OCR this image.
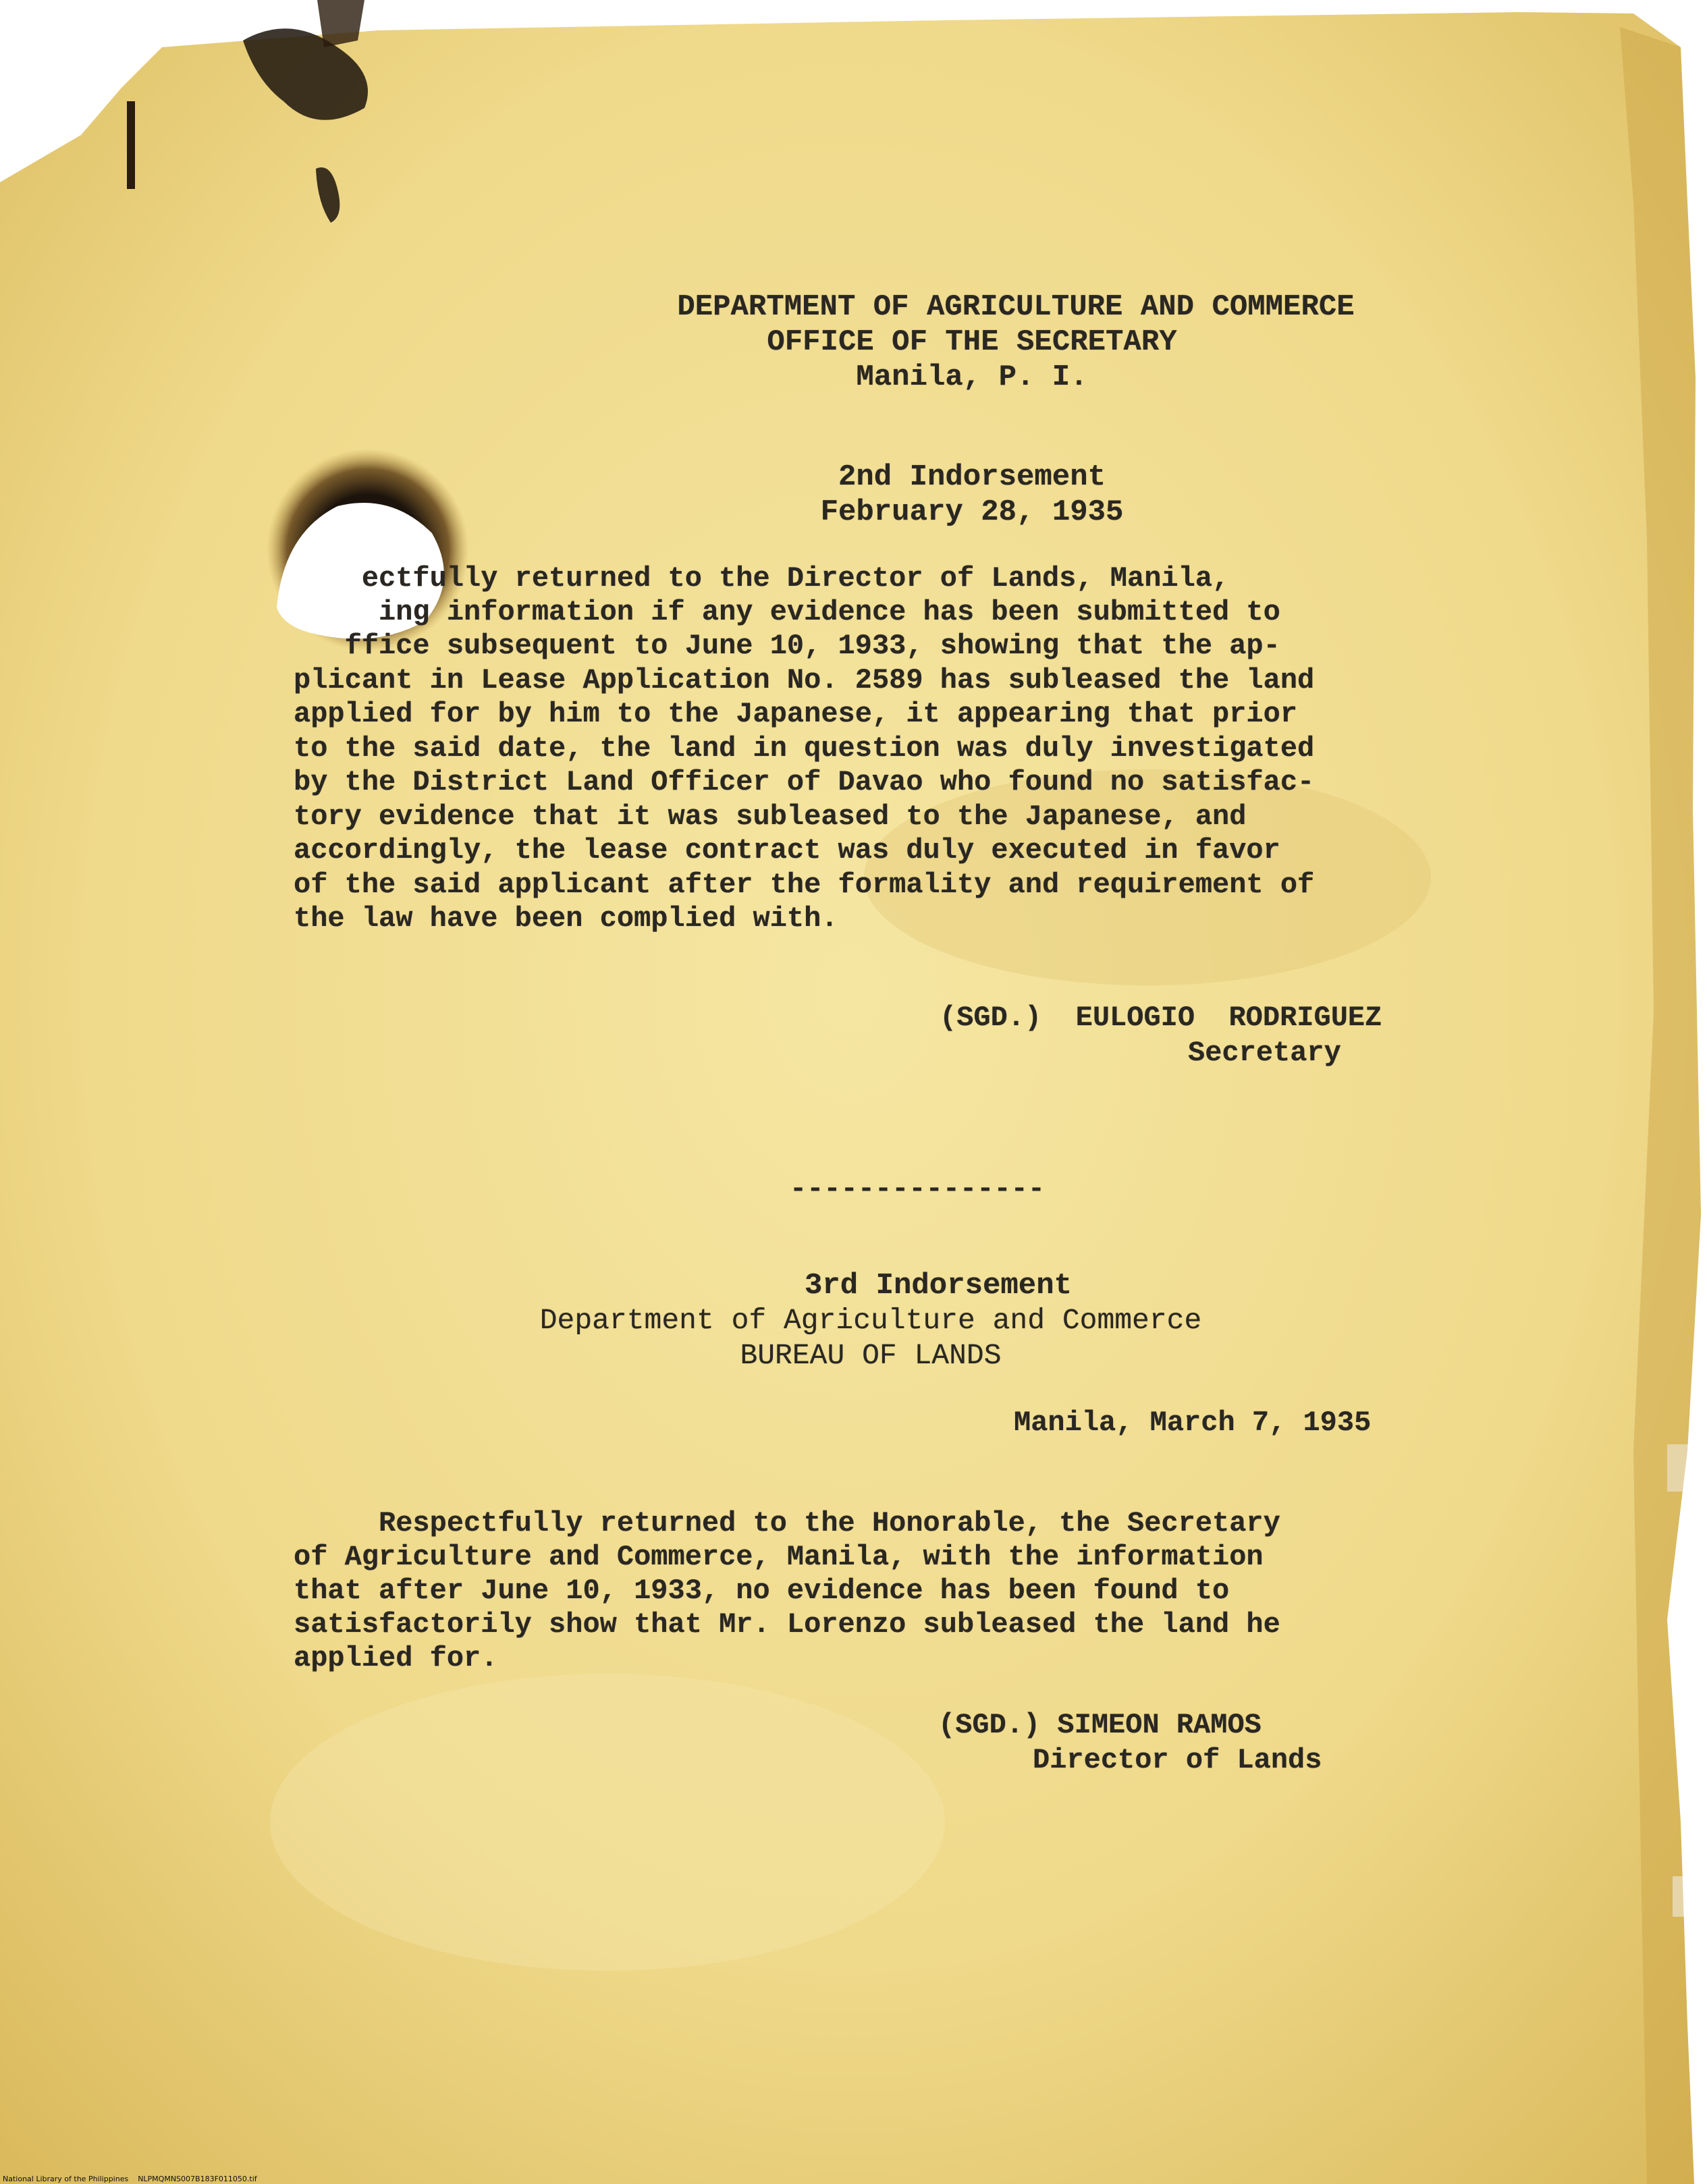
DEPARTMENT OF AGRICULTURE AND COMMERCE
OFFICE OF THE SECRETARY
Manila, P. I.
2nd Indorsement
February 28, 1935
ectfully returned to the Director of Lands, Manila,
ing information if any evidence has been submitted to
ffice subsequent to June 10, 1933, showing that the ap-
plicant in Lease Application No. 2589 has subleased the land
applied for by him to the Japanese, it appearing that prior
to the said date, the land in question was duly investigated
by the District Land Officer of Davao who found no satisfac-
tory evidence that it was subleased to the Japanese, and
accordingly, the lease contract was duly executed in favor
of the said applicant after the formality and requirement of
the law have been complied with.
(SGD.)  EULOGIO  RODRIGUEZ
Secretary
---------------
3rd Indorsement
Department of Agriculture and Commerce
BUREAU OF LANDS
Manila, March 7, 1935
Respectfully returned to the Honorable, the Secretary
of Agriculture and Commerce, Manila, with the information
that after June 10, 1933, no evidence has been found to
satisfactorily show that Mr. Lorenzo subleased the land he
applied for.
(SGD.) SIMEON RAMOS
Director of Lands
National Library of the Philippines    NLPMQMNS007B183F011050.tif
